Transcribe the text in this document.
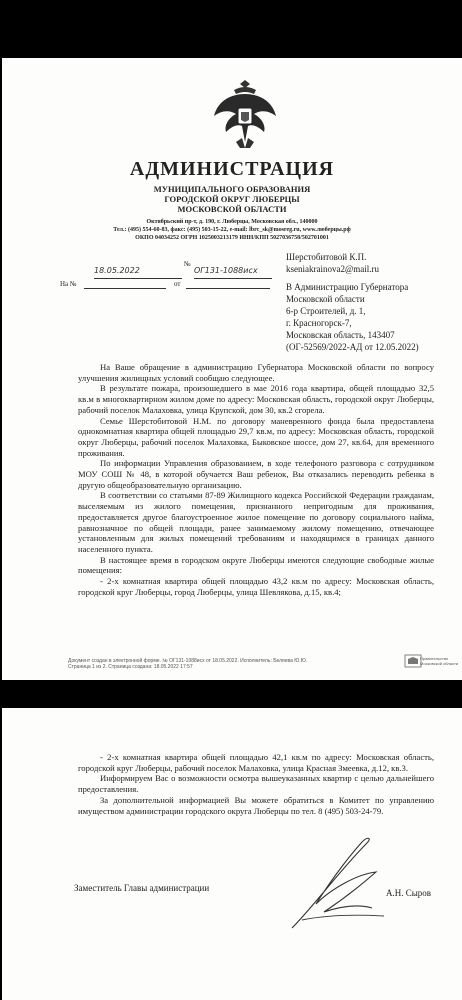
АДМИНИСТРАЦИЯ
МУНИЦИПАЛЬНОГО ОБРАЗОВАНИЯ
ГОРОДСКОЙ ОКРУГ ЛЮБЕРЦЫ
МОСКОВСКОЙ ОБЛАСТИ
Октябрьский пр-т, д. 190, г. Люберцы, Московская обл., 140000
Тел.: (495) 554-60-83, факс: (495) 503-15-22, e-mail: lbrc_sk@mosreg.ru, www.люберцы.рф
ОКПО 04034252 ОГРН 1025003213179 ИНН/КПП 5027036758/502701001
18.05.2022
№
ОГ131-1088исх
На №	от
Шерстобитовой К.П.
kseniakrainova2@mail.ru
В Администрацию Губернатора
Московской области
6-р Строителей, д. 1,
г. Красногорск-7,
Московская область, 143407
(ОГ-52569/2022-АД от 12.05.2022)

На Ваше обращение в администрацию Губернатора Московской области по вопросу улучшения жилищных условий сообщаю следующее.

В результате пожара, произошедшего в мае 2016 года квартира, общей площадью 32,5 кв.м в многоквартирном жилом доме по адресу: Московская область, городской округ Люберцы, рабочий поселок Малаховка, улица Крупской, дом 30, кв.2 сгорела.

Семье Шерстобитовой Н.М. по договору маневренного фонда была предоставлена однокомнатная квартира общей площадью 29,7 кв.м, по адресу: Московская область, городской округ Люберцы, рабочий поселок Малаховка, Быковское шоссе, дом 27, кв.64, для временного проживания.

По информации Управления образованием, в ходе телефоного разговора с сотрудником МОУ СОШ № 48, в которой обучается Ваш ребенок, Вы отказались переводить ребенка в другую общеобразовательную организацию.

В соответствии со статьями 87-89 Жилищного кодекса Российской Федерации гражданам, выселяемым из жилого помещения, признанного непригодным для проживания, предоставляется другое благоустроенное жилое помещение по договору социального найма, равнозначное по общей площади, ранее занимаемому жилому помещению, отвечающее установленным для жилых помещений требованиям и находящимся в границах данного населенного пункта.

В настоящее время в городском округе Люберцы имеются следующие свободные жилые помещения:

- 2-х комнатная квартира общей площадью 43,2 кв.м по адресу: Московская область, городской круг Люберцы, город Люберцы, улица Шевлякова, д.15, кв.4;

Документ создан в электронной форме. № ОГ131-1088исх от 18.05.2022. Исполнитель: Беляева Ю.Ю.
Страница 1 из 2. Страница создана: 18.05.2022 17:57
Правительство Московской области

- 2-х комнатная квартира общей площадью 42,1 кв.м по адресу: Московская область, городской круг Люберцы, рабочий поселок Малаховка, улица Красная Змеевка, д.12, кв.3.

Информируем Вас о возможности осмотра вышеуказанных квартир с целью дальнейшего предоставления.

За дополнительной информацией Вы можете обратиться в Комитет по управлению имуществом администрации городского округа Люберцы по тел. 8 (495) 503-24-79.

Заместитель Главы администрации	А.Н. Сыров
